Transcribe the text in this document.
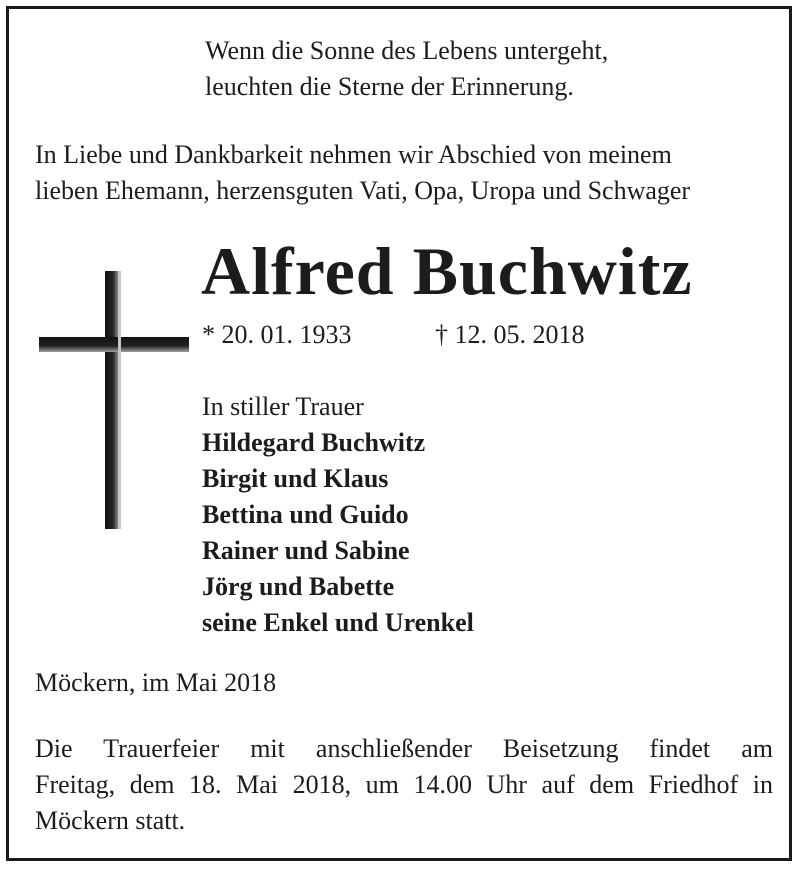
Wenn die Sonne des Lebens untergeht,
leuchten die Sterne der Erinnerung.
In Liebe und Dankbarkeit nehmen wir Abschied von meinem
lieben Ehemann, herzensguten Vati, Opa, Uropa und Schwager
Alfred Buchwitz
* 20. 01. 1933	† 12. 05. 2018
In stiller Trauer
Hildegard Buchwitz
Birgit und Klaus
Bettina und Guido
Rainer und Sabine
Jörg und Babette
seine Enkel und Urenkel
Möckern, im Mai 2018
Die Trauerfeier mit anschließender Beisetzung findet am
Freitag, dem 18. Mai 2018, um 14.00 Uhr auf dem Friedhof in
Möckern statt.
